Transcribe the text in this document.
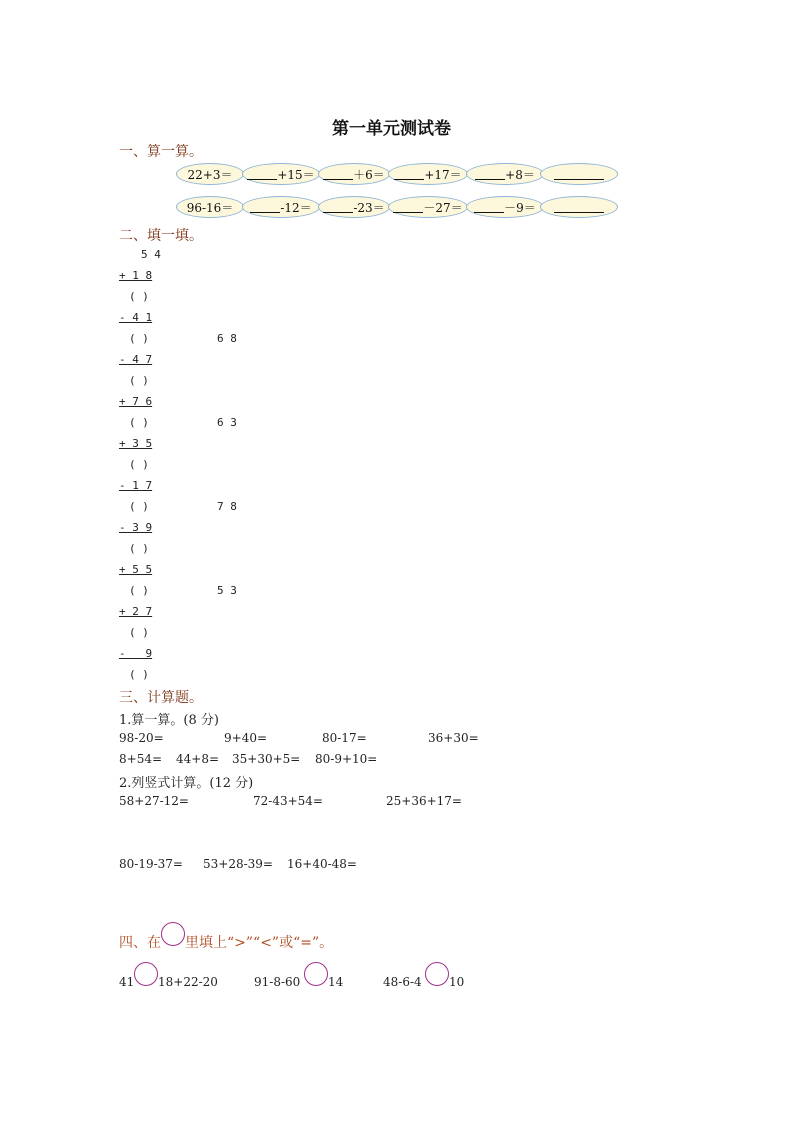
第一单元测试卷
一、算一算。
22+3＝	+15＝	＋6＝	+17＝	+8＝
96-16＝	-12＝	-23＝	－27＝	－9＝
二、填一填。
5 4
+ 1 8
( )
- 4 1
( )
- 4 7
( )
+ 7 6
( )
+ 3 5
( )
- 1 7
( )
- 3 9
( )
+ 5 5
( )
+ 2 7
( )
-   9
( )
6 8
6 3
7 8
5 3
三、计算题。
1.算一算。(8 分)
98-20=	9+40=	80-17=	36+30=
8+54= 44+8= 35+30+5= 80-9+10=
2.列竖式计算。(12 分)
58+27-12=	72-43+54=	25+36+17=
80-19-37= 53+28-39= 16+40-48=
四、在 里填上“>”“<”或“=”。
41 18+22-20	91-8-60 14	48-6-4 10
